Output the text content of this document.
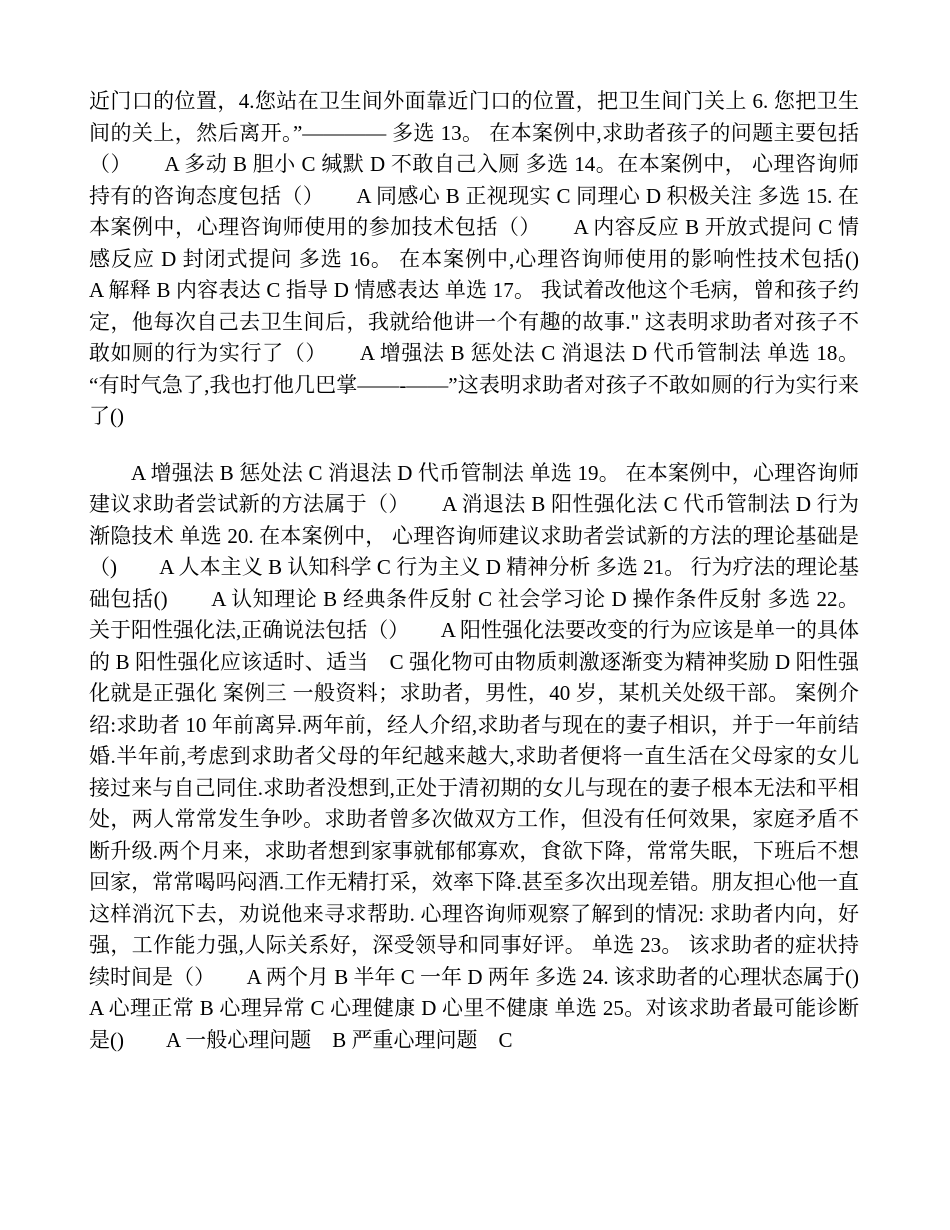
近门口的位置，4.您站在卫生间外面靠近门口的位置，把卫生间门关上 6. 您把卫生间的关上，然后离开。”———— 多选 13。 在本案例中,求助者孩子的问题主要包括（）　　A 多动 B 胆小 C 缄默 D 不敢自己入厕 多选 14。在本案例中， 心理咨询师持有的咨询态度包括（）　　A 同感心 B 正视现实 C 同理心 D 积极关注 多选 15. 在本案例中，心理咨询师使用的参加技术包括（）　　A 内容反应 B 开放式提问 C 情感反应 D 封闭式提问 多选 16。 在本案例中,心理咨询师使用的影响性技术包括()　　A 解释 B 内容表达 C 指导 D 情感表达 单选 17。 我试着改他这个毛病，曾和孩子约定，他每次自己去卫生间后，我就给他讲一个有趣的故事." 这表明求助者对孩子不敢如厕的行为实行了（）　　A 增强法 B 惩处法 C 消退法 D 代币管制法 单选 18。 “有时气急了,我也打他几巴掌——-——”这表明求助者对孩子不敢如厕的行为实行来了()

A 增强法 B 惩处法 C 消退法 D 代币管制法 单选 19。 在本案例中，心理咨询师建议求助者尝试新的方法属于（）　　A 消退法 B 阳性强化法 C 代币管制法 D 行为渐隐技术 单选 20. 在本案例中， 心理咨询师建议求助者尝试新的方法的理论基础是（)　　A 人本主义 B 认知科学 C 行为主义 D 精神分析 多选 21。 行为疗法的理论基础包括()　　A 认知理论 B 经典条件反射 C 社会学习论 D 操作条件反射 多选 22。 关于阳性强化法,正确说法包括（）　　A 阳性强化法要改变的行为应该是单一的具体的 B 阳性强化应该适时、适当　C 强化物可由物质刺激逐渐变为精神奖励 D 阳性强化就是正强化 案例三 一般资料；求助者，男性，40 岁，某机关处级干部。 案例介绍:求助者 10 年前离异.两年前，经人介绍,求助者与现在的妻子相识，并于一年前结婚.半年前,考虑到求助者父母的年纪越来越大,求助者便将一直生活在父母家的女儿接过来与自己同住.求助者没想到,正处于清初期的女儿与现在的妻子根本无法和平相处，两人常常发生争吵。求助者曾多次做双方工作，但没有任何效果，家庭矛盾不断升级.两个月来，求助者想到家事就郁郁寡欢，食欲下降，常常失眠，下班后不想回家，常常喝吗闷酒.工作无精打采，效率下降.甚至多次出现差错。朋友担心他一直这样消沉下去，劝说他来寻求帮助. 心理咨询师观察了解到的情况: 求助者内向，好强，工作能力强,人际关系好，深受领导和同事好评。 单选 23。 该求助者的症状持续时间是（）　　A 两个月 B 半年 C 一年 D 两年 多选 24. 该求助者的心理状态属于()　　A 心理正常 B 心理异常 C 心理健康 D 心里不健康 单选 25。对该求助者最可能诊断是()　　A 一般心理问题　B 严重心理问题　C
